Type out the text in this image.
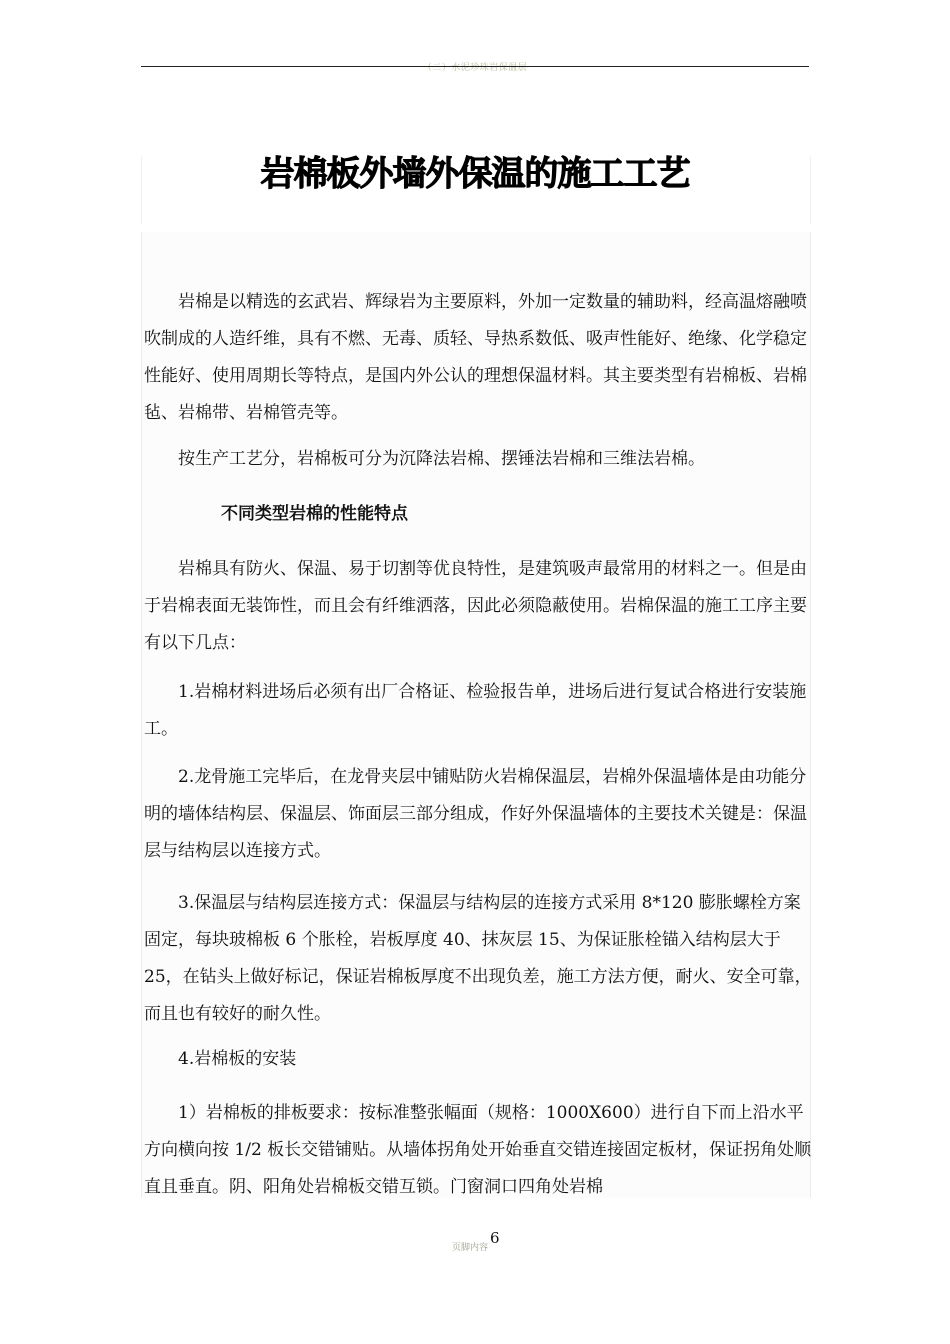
（二）水泥珍珠岩保温层
岩棉板外墙外保温的施工工艺

岩棉是以精选的玄武岩、辉绿岩为主要原料，外加一定数量的辅助料，经高温熔融喷吹制成的人造纤维，具有不燃、无毒、质轻、导热系数低、吸声性能好、绝缘、化学稳定性能好、使用周期长等特点，是国内外公认的理想保温材料。其主要类型有岩棉板、岩棉毡、岩棉带、岩棉管壳等。

按生产工艺分，岩棉板可分为沉降法岩棉、摆锤法岩棉和三维法岩棉。

不同类型岩棉的性能特点

岩棉具有防火、保温、易于切割等优良特性，是建筑吸声最常用的材料之一。但是由于岩棉表面无装饰性，而且会有纤维洒落，因此必须隐蔽使用。岩棉保温的施工工序主要有以下几点：

1.岩棉材料进场后必须有出厂合格证、检验报告单，进场后进行复试合格进行安装施工。

2.龙骨施工完毕后，在龙骨夹层中铺贴防火岩棉保温层，岩棉外保温墙体是由功能分明的墙体结构层、保温层、饰面层三部分组成，作好外保温墙体的主要技术关键是：保温层与结构层以连接方式。

3.保温层与结构层连接方式：保温层与结构层的连接方式采用 8*120 膨胀螺栓方案固定，每块玻棉板 6 个胀栓，岩板厚度 40、抹灰层 15、为保证胀栓锚入结构层大于 25，在钻头上做好标记，保证岩棉板厚度不出现负差，施工方法方便，耐火、安全可靠，而且也有较好的耐久性。

4.岩棉板的安装

1）岩棉板的排板要求：按标准整张幅面（规格：1000X600）进行自下而上沿水平方向横向按 1/2 板长交错铺贴。从墙体拐角处开始垂直交错连接固定板材，保证拐角处顺直且垂直。阴、阳角处岩棉板交错互锁。门窗洞口四角处岩棉

页脚内容
6
